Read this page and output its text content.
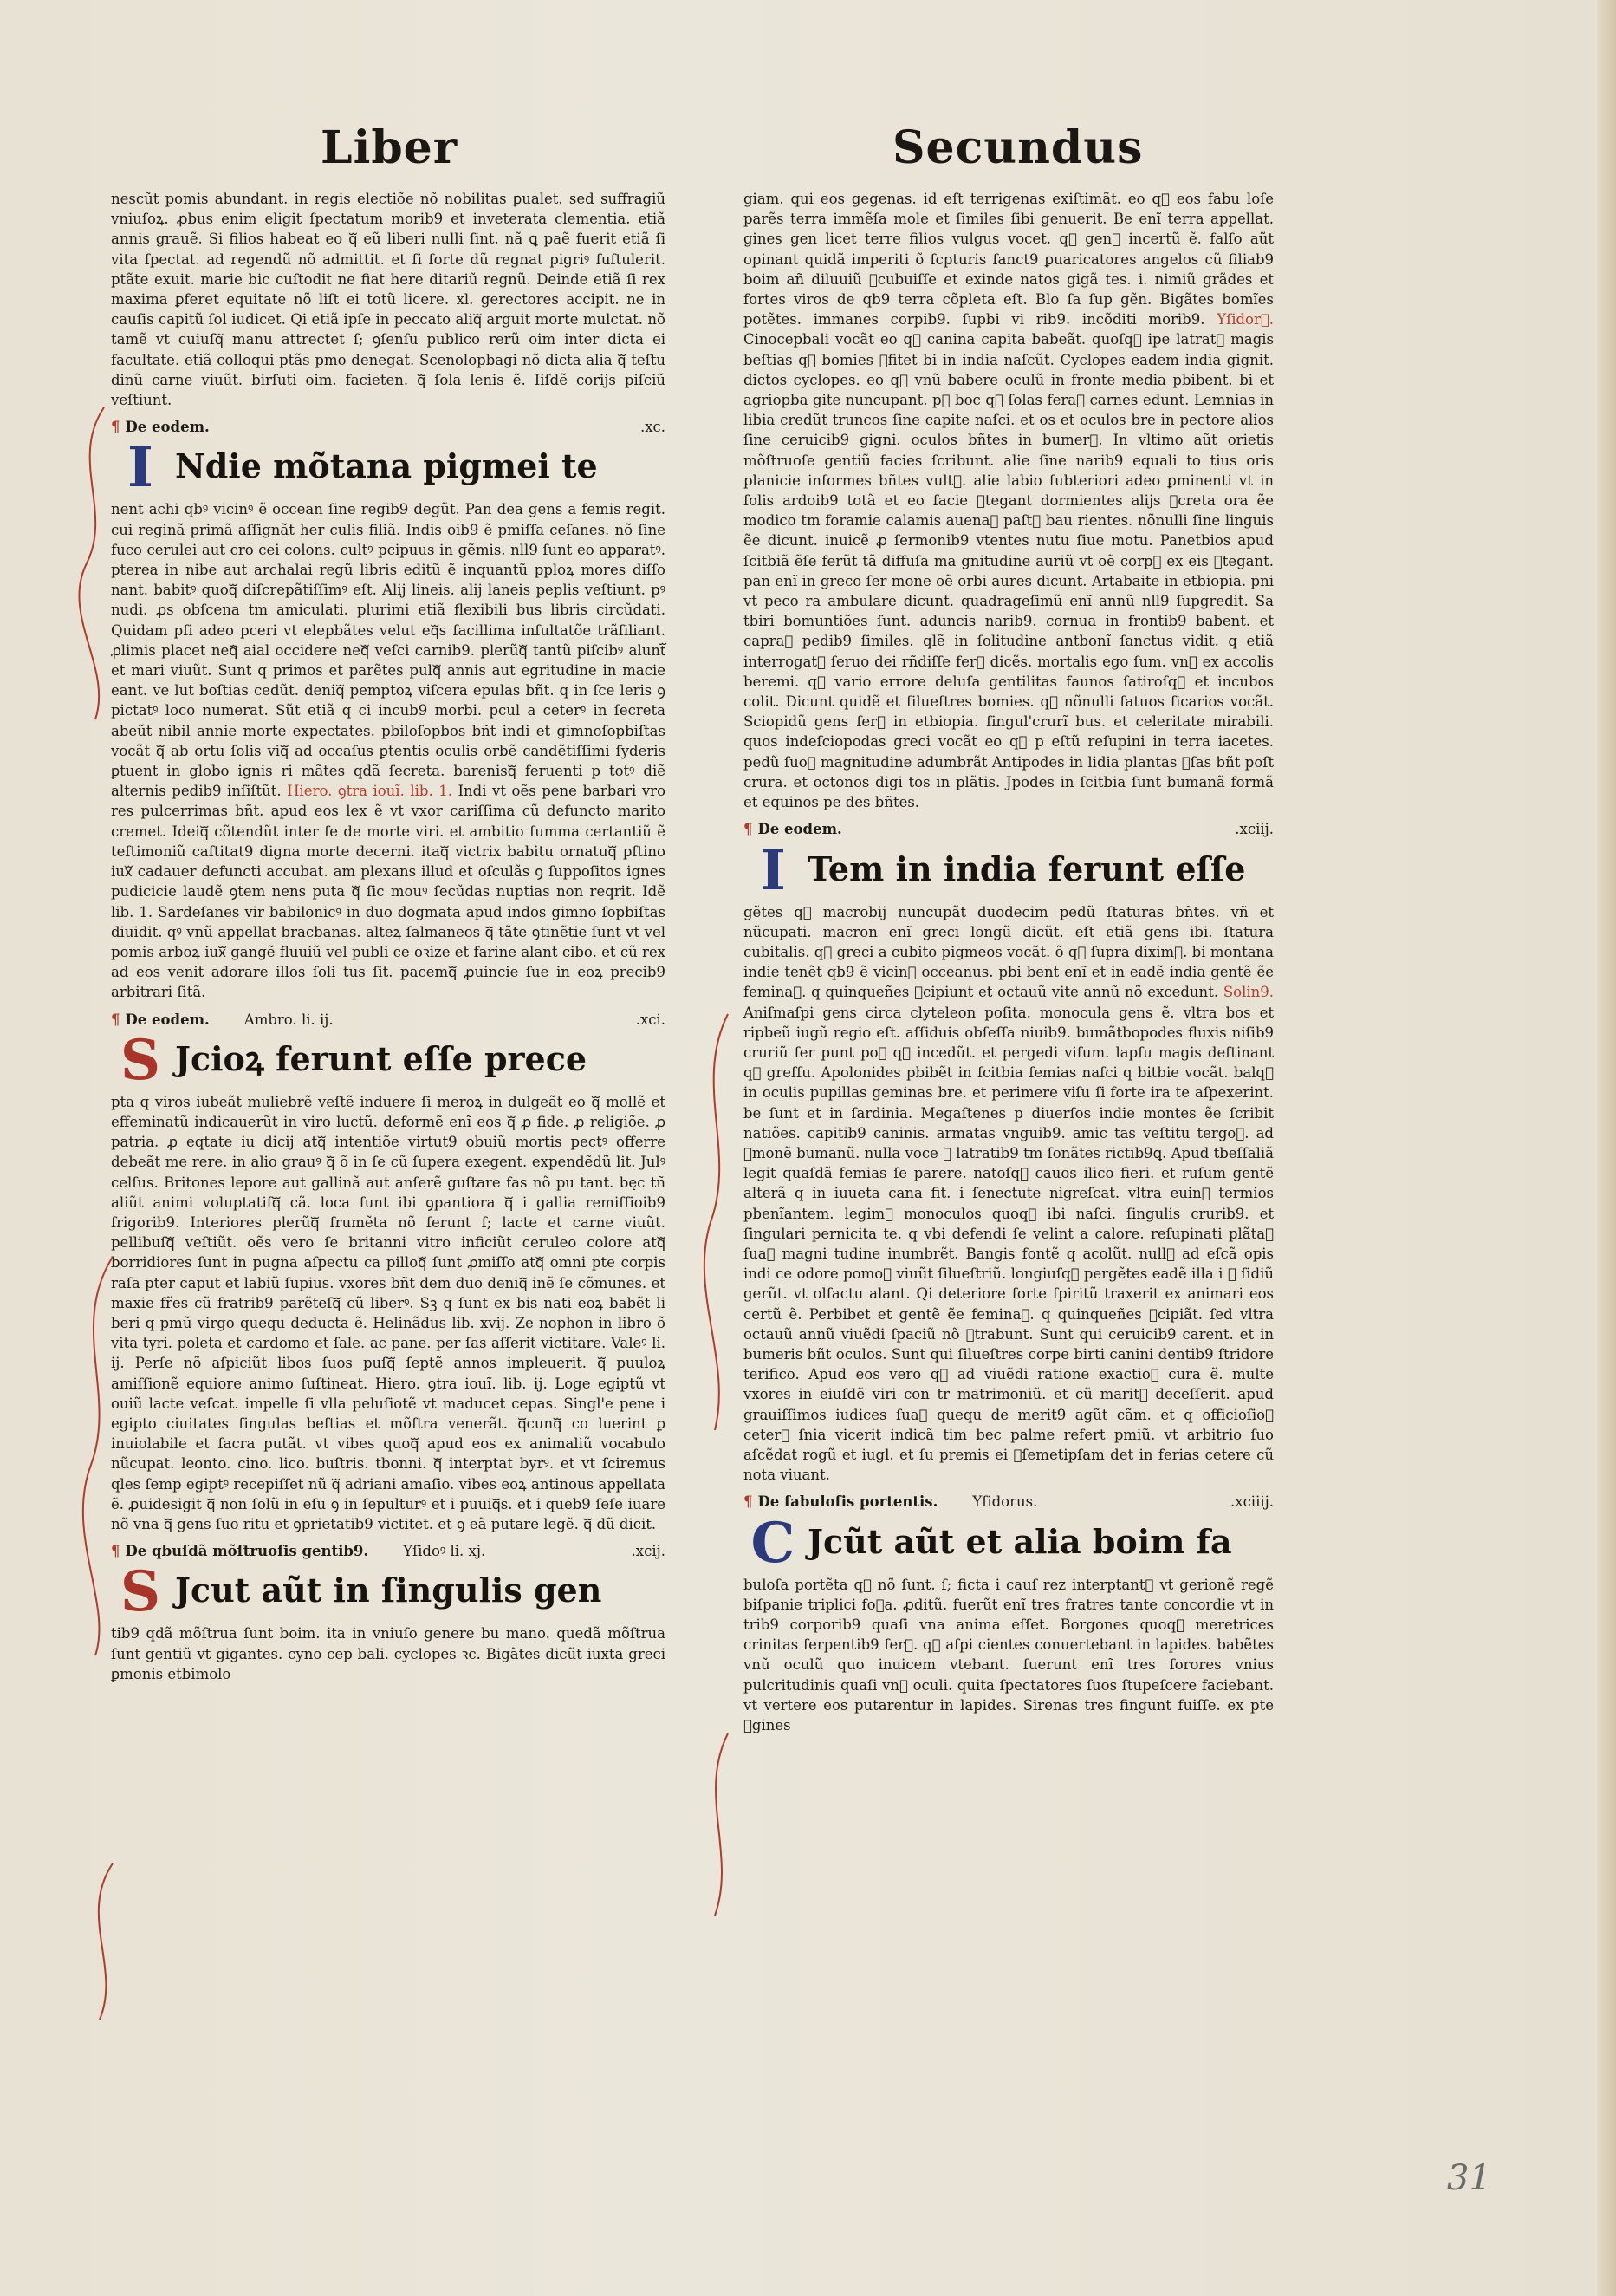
Liber	Secundus

nescũt pomis abundant. in regis electiõe nõ nobilitas ꝑualet. sed suffragiũ vniuſoꝝ. ꝓbus enim eligit ſpectatum morib9 et inveterata clementia. etiã annis grauẽ. Si filios habeat eo qᷓ eũ liberi nulli ſint. nã ꝗ paẽ fuerit etiã ſi vita ſpectat. ad regendũ nõ admittit. et ſi forte dũ regnat pigriꝰ ſuſtulerit. ptãte exuit. marie bic cuſtodit ne fiat here ditariũ regnũ. Deinde etiã ſi rex maxima ꝑferet equitate nõ liſt ei totũ licere. xl. gerectores accipit. ne in cauſis capitũ ſol iudicet. Qi etiã ipſe in peccato aliqᷓ arguit morte mulctat. nõ tamẽ vt cuiuſqᷓ manu attrectet ſ; ꝯſenſu publico rerũ oim inter dicta ei facultate. etiã colloqui ptãs pmo denegat. Scenolopbagi nõ dicta alia qᷓ teſtu dinũ carne viuũt. birſuti oim. facieten. qᷓ ſola lenis ẽ. Iiſdẽ corijs piſciũ veſtiunt.

¶ De eodem.	.xc.
I Ndie mõtana pigmei te

nent achi qbꝰ vicinꝰ ẽ occean ſine regib9 degũt. Pan dea gens a femis regit. cui reginã primã aſſignãt her culis filiã. Indis oib9 ẽ pmiſſa ceſanes. nõ ſine fuco cerulei aut cro cei colons. cultꝰ pcipuus in gẽmis. nll9 ſunt eo apparatꝰ. pterea in nibe aut archalai regũ libris editũ ẽ inquantũ pploꝝ mores diſſo nant. babitꝰ quoqᷓ diſcrepãtiſſimꝰ eſt. Alij lineis. alij laneis peplis veſtiunt. pꝰ nudi. ꝓs obſcena tm amiculati. plurimi etiã flexibili bus libris circũdati. Quidam pſi adeo pceri vt elepbãtes velut eqᷓs facillima inſultatõe trãſiliant. ꝓlimis placet neqᷓ aial occidere neqᷓ veſci carnib9. plerũqᷓ tantũ piſcibꝰ aluntᷓ et mari viuũt. Sunt q primos et parẽtes pulqᷓ annis aut egritudine in macie eant. ve lut boſtias cedũt. deniqᷓ pemptoꝝ viſcera epulas bñt. q in ſce leris ꝯ pictatꝰ loco numerat. Sũt etiã q ci incub9 morbi. pcul a ceterꝰ in ſecreta abeũt nibil annie morte expectates. pbiloſopbos bñt indi et gimnoſopbiſtas vocãt qᷓ ab ortu ſolis viqᷓ ad occaſus ꝑtentis oculis orbẽ candẽtiſſimi ſyderis ꝑtuent in globo ignis ri mãtes qdã ſecreta. barenisqᷓ feruenti p totꝰ diẽ alternis pedib9 inſiſtũt. Hiero. ꝯtra iouĩ. lib. 1. Indi vt oẽs pene barbari vro res pulcerrimas bñt. apud eos lex ẽ vt vxor cariſſima cũ defuncto marito cremet. Ideiqᷓ cõtendũt inter ſe de morte viri. et ambitio ſumma certantiũ ẽ teſtimoniũ caſtitat9 digna morte decerni. itaqᷓ victrix babitu ornatuqᷓ pſtino iuxᷓ cadauer defuncti accubat. am plexans illud et oſculãs ꝯ ſuppoſitos ignes pudicicie laudẽ ꝯtem nens puta qᷓ ſic mouꝰ ſecũdas nuptias non reqrit. Idẽ lib. 1. Sardeſanes vir babilonicꝰ in duo dogmata apud indos gimno ſopbiſtas diuidit. qꝰ vnũ appellat bracbanas. alteꝝ ſalmaneos qᷓ tãte ꝯtinẽtie ſunt vt vel pomis arboꝝ iuxᷓ gangẽ fluuiũ vel publi ce oꝛize et farine alant cibo. et cũ rex ad eos venit adorare illos ſoli tus ſit. pacemqᷓ ꝓuincie ſue in eoꝝ precib9 arbitrari ſitã.

¶ De eodem. Ambro. li. ij.	.xci.
S Jcioꝝ ferunt eſſe prece

pta q viros iubeãt muliebrẽ veſtẽ induere ſi meroꝝ in dulgeãt eo qᷓ mollẽ et effeminatũ indicauerũt in viro luctũ. deformẽ enĩ eos qᷓ ꝓ fide. ꝓ religiõe. ꝓ patria. ꝓ eqtate iu dicij atqᷓ intentiõe virtut9 obuiũ mortis pectꝰ offerre debeãt me rere. in alio grauꝰ qᷓ õ in ſe cũ ſupera exegent. expendẽdũ lit. Julꝰ celſus. Britones lepore aut gallinã aut anſerẽ guſtare fas nõ pu tant. bęc tñ aliũt animi voluptatiſqᷓ cã. loca ſunt ibi ꝯpantiora qᷓ i gallia remiſſioib9 frigorib9. Interiores plerũqᷓ frumẽta nõ ſerunt ſ; lacte et carne viuũt. pellibuſqᷓ veſtiũt. oẽs vero ſe britanni vitro inficiũt ceruleo colore atqᷓ borridiores ſunt in pugna aſpectu ca pilloqᷓ ſunt ꝓmiſſo atqᷓ omni pte corpis raſa pter caput et labiũ ſupius. vxores bñt dem duo deniqᷓ inẽ ſe cõmunes. et maxie fr̃es cũ fratrib9 parẽteſqᷓ cũ liberꝰ. Sꝫ q ſunt ex bis nati eoꝝ babẽt li beri q pmũ virgo quequ deducta ẽ. Helinãdus lib. xvij. Ze nophon in libro õ vita tyri. poleta et cardomo et ſale. ac pane. per ſas aſſerit victitare. Valeꝰ li. ij. Perſe nõ aſpiciũt libos ſuos puſqᷓ ſeptẽ annos impleuerit. qᷓ puuloꝝ amiſſionẽ equiore animo ſuſtineat. Hiero. ꝯtra iouĩ. lib. ij. Loge egiptũ vt ouiũ lacte veſcat. impelle ſi vlla peluſiotẽ vt maducet cepas. Singl'e pene i egipto ciuitates ſingulas beſtias et mõſtra venerãt. qᷓcunqᷓ co luerint ꝑ inuiolabile et ſacra putãt. vt vibes quoqᷓ apud eos ex animaliũ vocabulo nũcupat. leonto. cino. lico. buſtris. tbonni. qᷓ interptat byrꝰ. et vt ſciremus qles ſemp egiptꝰ recepiſſet nũ qᷓ adriani amaſio. vibes eoꝝ antinous appellata ẽ. ꝓuidesigit qᷓ non ſolũ in eſu ꝯ in ſepulturꝰ et i puuiqᷓs. et i queb9 ſeſe iuare nõ vna qᷓ gens ſuo ritu et ꝯprietatib9 victitet. et ꝯ eã putare legẽ. qᷓ dũ dicit.

¶ De qbuſdã mõſtruoſis gentib9. Yſidoꝰ li. xj.	.xcij.
S Jcut aũt in ſingulis gen

tib9 qdã mõſtrua ſunt boim. ita in vniuſo genere bu mano. quedã mõſtrua ſunt gentiũ vt gigantes. cyno cep bali. cyclopes ꝛc. Bigãtes dicũt iuxta greci ꝑmonis etbimolo

giam. qui eos gegenas. id eſt terrigenas exiſtimãt. eo qᷓ eos fabu loſe parẽs terra immẽſa mole et ſimiles ſibi genuerit. Be enĩ terra appellat. gines gen licet terre filios vulgus vocet. qꝰ genꝰ incertũ ẽ. falſo aũt opinant quidã imperiti õ ſcpturis ſanct9 ꝑuaricatores angelos cũ filiab9 boim añ diluuiũ ꝯcubuiſſe et exinde natos gigã tes. i. nimiũ grãdes et fortes viros de qb9 terra cõpleta eſt. Blo ſa ſup gẽn. Bigãtes bomĩes potẽtes. immanes corpib9. ſupbi vi rib9. incõditi morib9. Yſidorꝰ. Cinocepbali vocãt eo qᷓ canina capita babeãt. quoſqᷓ ipe latratꝰ magis beſtias qᷓ bomies ꝯfitet bi in india naſcũt. Cyclopes eadem india gignit. dictos cyclopes. eo qᷓ vnũ babere oculũ in fronte media pbibent. bi et agriopba gite nuncupant. pꝰ boc qᷓ ſolas feraꝝ carnes edunt. Lemnias in libia credũt truncos ſine capite naſci. et os et oculos bre in pectore alios ſine ceruicib9 gigni. oculos bñtes in bumerꝰ. In vltimo aũt orietis mõſtruoſe gentiũ facies ſcribunt. alie ſine narib9 equali to tius oris planicie informes bñtes vultꝰ. alie labio ſubteriori adeo ꝑminenti vt in ſolis ardoib9 totã et eo facie ꝯtegant dormientes alijs ꝯcreta ora ẽe modico tm foramie calamis auenaꝝ paſtꝰ bau rientes. nõnulli ſine linguis ẽe dicunt. inuicẽ ꝓ ſermonib9 vtentes nutu ſiue motu. Panetbios apud ſcitbiã ẽſe ferũt tã diffuſa ma gnitudine auriũ vt oẽ corpꝰ ex eis ꝯtegant. pan enĩ in greco ſer mone oẽ orbi aures dicunt. Artabaite in etbiopia. pni vt peco ra ambulare dicunt. quadrageſimũ enĩ annũ nll9 ſupgredit. Sa tbiri bomuntiões ſunt. aduncis narib9. cornua in frontib9 babent. et capraꝝ pedib9 ſimiles. qlẽ in ſolitudine antbonĩ ſanctus vidit. q etiã interrogatꝰ ſeruo dei rñdiſſe ferꝰ dicẽs. mortalis ego ſum. vnꝰ ex accolis beremi. qᷓ vario errore deluſa gentilitas faunos ſatiroſqᷓ et incubos colit. Dicunt quidẽ et ſilueſtres bomies. qᷓ nõnulli fatuos ſicarios vocãt. Sciopidũ gens ferꝰ in etbiopia. ſingul'crurĩ bus. et celeritate mirabili. quos indeſciopodas greci vocãt eo qᷓ p eſtũ reſupini in terra iacetes. pedũ ſuoꝝ magnitudine adumbrãt Antipodes in lidia plantas ꝯſas bñt poſt crura. et octonos digi tos in plãtis. Jpodes in ſcitbia ſunt bumanã formã et equinos pe des bñtes.

¶ De eodem.	.xciij.
I Tem in india ferunt eſſe

gẽtes qᷓ macrobij nuncupãt duodecim pedũ ſtaturas bñtes. vñ et nũcupati. macron enĩ greci longũ dicũt. eſt etiã gens ibi. ſtatura cubitalis. qᷓ greci a cubito pigmeos vocãt. õ qᷓ ſupra diximꝰ. bi montana indie tenẽt qb9 ẽ vicinꝰ occeanus. pbi bent enĩ et in eadẽ india gentẽ ẽe feminaꝝ. q quinqueñes ꝯcipiunt et octauũ vite annũ nõ excedunt. Solin9. Aniſmaſpi gens circa clyteleon poſita. monocula gens ẽ. vltra bos et ripbeũ iugũ regio eſt. aſſiduis obſeſſa niuib9. bumãtbopodes fluxis niſib9 cruriũ fer punt poꝰ qᷓ incedũt. et pergedi viſum. lapſu magis deſtinant qᷓ greſſu. Apolonides pbibẽt in ſcitbia femias naſci q bitbie vocãt. balqᷓ in oculis pupillas geminas bre. et perimere viſu ſi forte ira te aſpexerint. be ſunt et in ſardinia. Megaſtenes p diuerſos indie montes ẽe ſcribit natiões. capitib9 caninis. armatas vnguib9. amic tas veſtitu tergoꝝ. ad ꝯmonẽ bumanũ. nulla voce ꝯ latratib9 tm ſonãtes rictib9ꝗ. Apud tbeſſaliã legit quaſdã femias ſe parere. natoſqᷓ cauos ilico fieri. et ruſum gentẽ alterã q in iuueta cana fit. i ſenectute nigreſcat. vltra euinꝰ termios pbenĩantem. legimꝰ monoculos quoqᷓ ibi naſci. ſingulis crurib9. et ſingulari pernicita te. q vbi defendi ſe velint a calore. reſupinati plãtaꝝ ſuaꝝ magni tudine inumbrẽt. Bangis fontẽ q acolũt. nullꝰ ad eſcã opis indi ce odore pomoꝝ viuũt ſilueſtriũ. longiuſqᷓ pergẽtes eadẽ illa i ꝯ ſidiũ gerũt. vt olfactu alant. Qi deteriore forte ſpiritũ traxerit ex animari eos certũ ẽ. Perbibet et gentẽ ẽe feminaꝝ. q quinqueñes ꝯcipiãt. ſed vltra octauũ annũ viuẽdi ſpaciũ nõ ꝯtrabunt. Sunt qui ceruicib9 carent. et in bumeris bñt oculos. Sunt qui ſilueſtres corpe birti canini dentib9 ſtridore terifico. Apud eos vero qᷓ ad viuẽdi ratione exactioꝛ cura ẽ. multe vxores in eiuſdẽ viri con tr matrimoniũ. et cũ maritꝰ deceſſerit. apud grauiſſimos iudices ſuaꝝ quequ de merit9 agũt cãm. et q officioſioꝛ ceterꝰ ſnia vicerit indicã tim bec palme refert pmiũ. vt arbitrio ſuo aſcẽdat rogũ et iugl. et ſu premis ei ꝯſemetipſam det in ferias cetere cũ nota viuant.

¶ De fabuloſis portentis. Yſidorus.	.xciiij.
C Jcũt aũt et alia boim fa

buloſa portẽta qᷓ nõ ſunt. ſ; ficta i cauſ rez interptantꝰ vt gerionẽ regẽ biſpanie triplici foꝛa. ꝓditũ. fuerũt enĩ tres fratres tante concordie vt in trib9 corporib9 quaſi vna anima eſſet. Borgones quoqᷓ meretrices crinitas ſerpentib9 ferꝰ. qᷓ aſpi cientes conuertebant in lapides. babẽtes vnũ oculũ quo inuicem vtebant. fuerunt enĩ tres ſorores vnius pulcritudinis quaſi vnꝰ oculi. quita ſpectatores ſuos ſtupeſcere faciebant. vt vertere eos putarentur in lapides. Sirenas tres fingunt fuiſſe. ex pte ꝯgines

31
